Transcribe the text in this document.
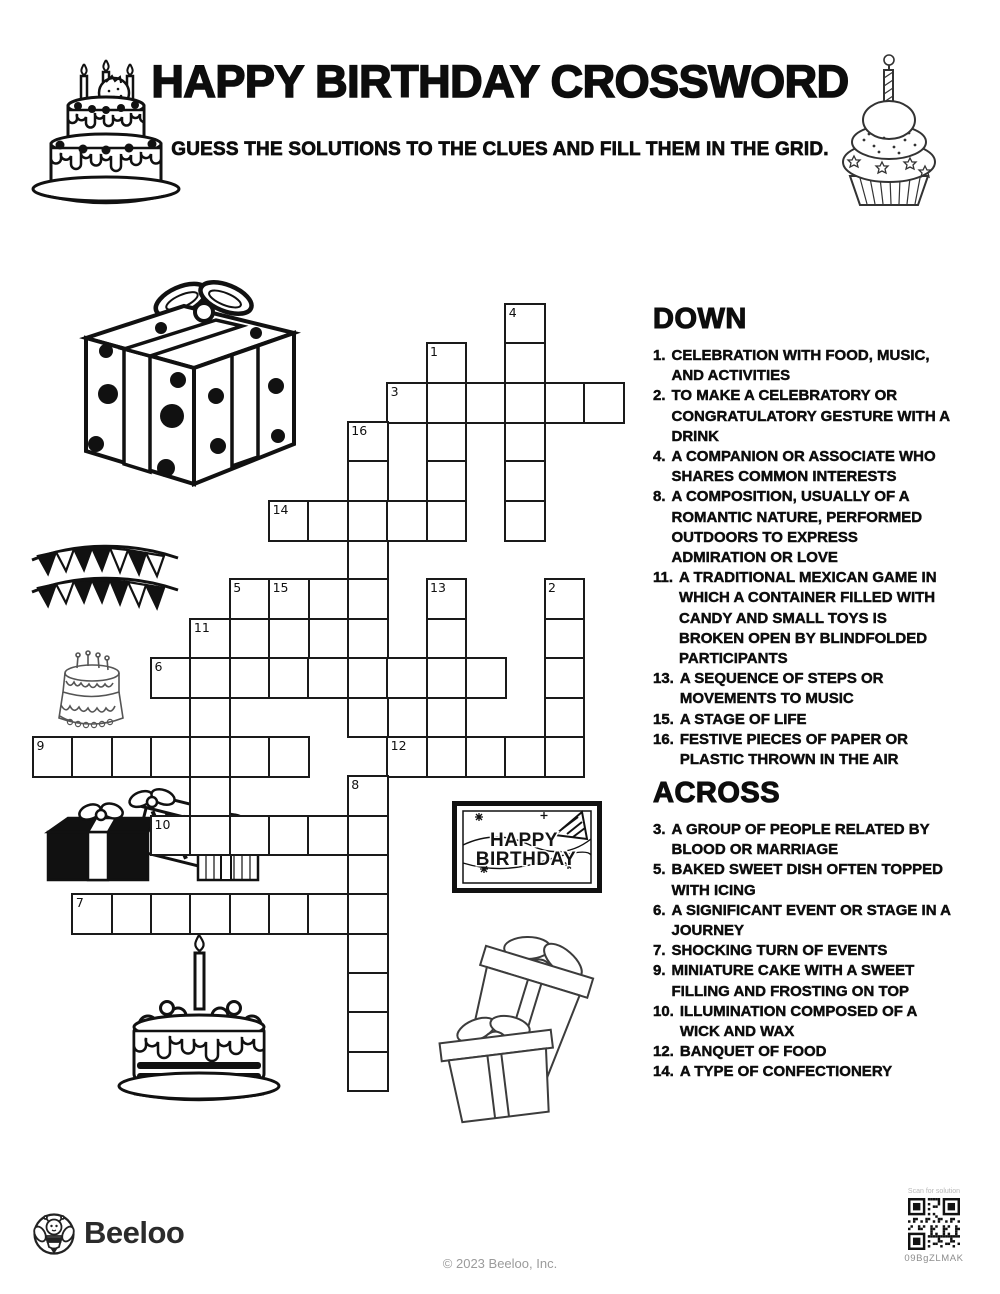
HAPPY BIRTHDAY CROSSWORD
GUESS THE SOLUTIONS TO THE CLUES AND FILL THEM IN THE GRID.
HAPPY
BIRTHDAY
4
1
3
16
14
5	15	13	2
11
6
9	12
8
10
7
DOWN
1. CELEBRATION WITH FOOD, MUSIC, AND ACTIVITIES
2. TO MAKE A CELEBRATORY OR CONGRATULATORY GESTURE WITH A DRINK
4. A COMPANION OR ASSOCIATE WHO SHARES COMMON INTERESTS
8. A COMPOSITION, USUALLY OF A ROMANTIC NATURE, PERFORMED OUTDOORS TO EXPRESS ADMIRATION OR LOVE
11. A TRADITIONAL MEXICAN GAME IN WHICH A CONTAINER FILLED WITH CANDY AND SMALL TOYS IS BROKEN OPEN BY BLINDFOLDED PARTICIPANTS
13. A SEQUENCE OF STEPS OR MOVEMENTS TO MUSIC
15. A STAGE OF LIFE
16. FESTIVE PIECES OF PAPER OR PLASTIC THROWN IN THE AIR
ACROSS
3. A GROUP OF PEOPLE RELATED BY BLOOD OR MARRIAGE
5. BAKED SWEET DISH OFTEN TOPPED WITH ICING
6. A SIGNIFICANT EVENT OR STAGE IN A JOURNEY
7. SHOCKING TURN OF EVENTS
9. MINIATURE CAKE WITH A SWEET FILLING AND FROSTING ON TOP
10. ILLUMINATION COMPOSED OF A WICK AND WAX
12. BANQUET OF FOOD
14. A TYPE OF CONFECTIONERY
Beeloo
© 2023 Beeloo, Inc.
Scan for solution
09BgZLMAK
